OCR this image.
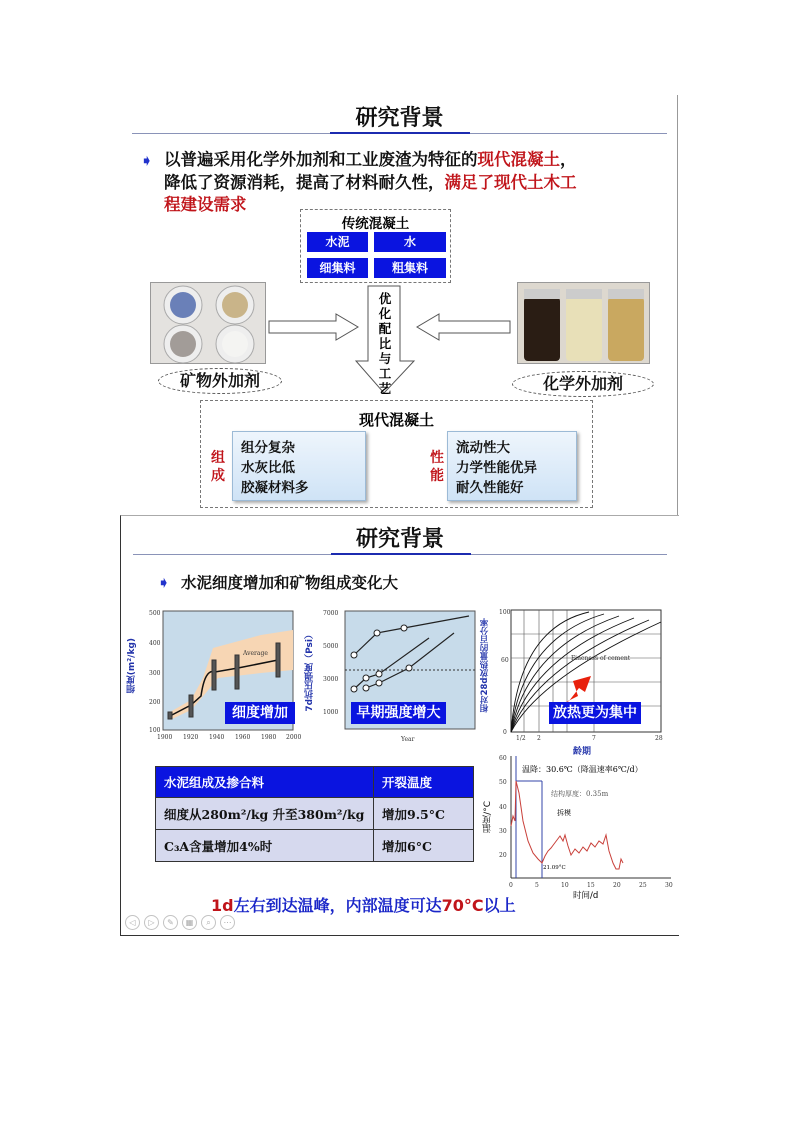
研究背景
➧ 以普遍采用化学外加剂和工业废渣为特征的现代混凝土，
降低了资源消耗，提高了材料耐久性，满足了现代土木工
程建设需求
传统混凝土
水泥	水
细集料	粗集料
矿物外加剂	化学外加剂
优化配比与工艺
现代混凝土
组成
组分复杂
水灰比低
胶凝材料多
性能
流动性大
力学性能优异
耐久性能好
研究背景
➧ 水泥细度增加和矿物组成变化大
细度(m²/kg)
500
400
300
200
100
1900 1920 1940 1960 1980 2000
Average
细度增加
7d抗压强度（Psi）
7000
5000
3000
1000
Year
早期强度增大
相对28d放热量的百分率	Fineness of cement
100
60
0
1/2 2	7	28
龄期
放热更为集中
水泥组成及掺合料	开裂温度
细度从280m²/kg 升至380m²/kg	增加9.5°C
C₃A含量增加4%时	增加6°C
温度/°C
60
50
40
30
20
0	5	10	15	20	25	30
温降：30.6℃（降温速率6℃/d）
结构厚度：0.35m
拆模
21.09°C
时间/d
1d左右到达温峰，内部温度可达70°C以上
◁	▷	✎	▦	⌕	⋯
